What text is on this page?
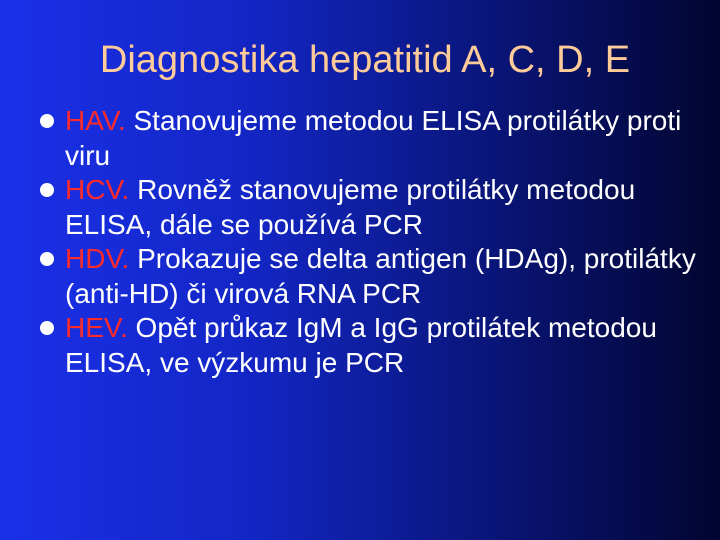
Diagnostika hepatitid A, C, D, E
HAV. Stanovujeme metodou ELISA protilátky proti viru
HCV. Rovněž stanovujeme protilátky metodou ELISA, dále se používá PCR
HDV. Prokazuje se delta antigen (HDAg), protilátky (anti-HD) či virová RNA PCR
HEV. Opět průkaz IgM a IgG protilátek metodou ELISA, ve výzkumu je PCR
